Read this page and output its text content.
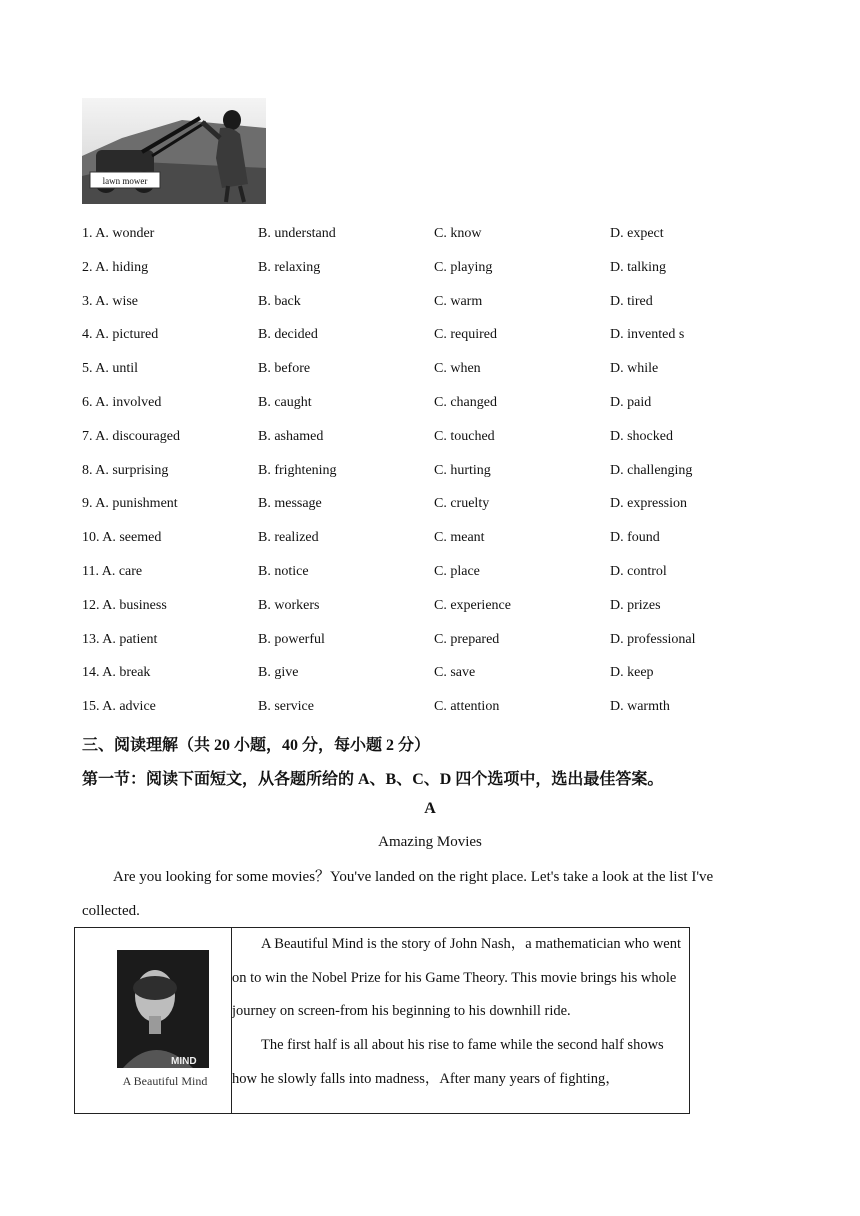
lawn mower
1. A. wonder	B. understand	C. know	D. expect
2. A. hiding	B. relaxing	C. playing	D. talking
3. A. wise	B. back	C. warm	D. tired
4. A. pictured	B. decided	C. required	D. invented s
5. A. until	B. before	C. when	D. while
6. A. involved	B. caught	C. changed	D. paid
7. A. discouraged	B. ashamed	C. touched	D. shocked
8. A. surprising	B. frightening	C. hurting	D. challenging
9. A. punishment	B. message	C. cruelty	D. expression
10. A. seemed	B. realized	C. meant	D. found
11. A. care	B. notice	C. place	D. control
12. A. business	B. workers	C. experience	D. prizes
13. A. patient	B. powerful	C. prepared	D. professional
14. A. break	B. give	C. save	D. keep
15. A. advice	B. service	C. attention	D. warmth
三、阅读理解（共 20 小题，40 分，每小题 2 分）
第一节：阅读下面短文，从各题所给的 A、B、C、D 四个选项中，选出最佳答案。
A
Amazing Movies
Are you looking for some movies？You've landed on the right place. Let's take a look at the list I've collected.
MIND
A Beautiful Mind

A Beautiful Mind is the story of John Nash，a mathematician who went on to win the Nobel Prize for his Game Theory. This movie brings his whole journey on screen-from his beginning to his downhill ride.

The first half is all about his rise to fame while the second half shows how he slowly falls into madness，After many years of fighting，
